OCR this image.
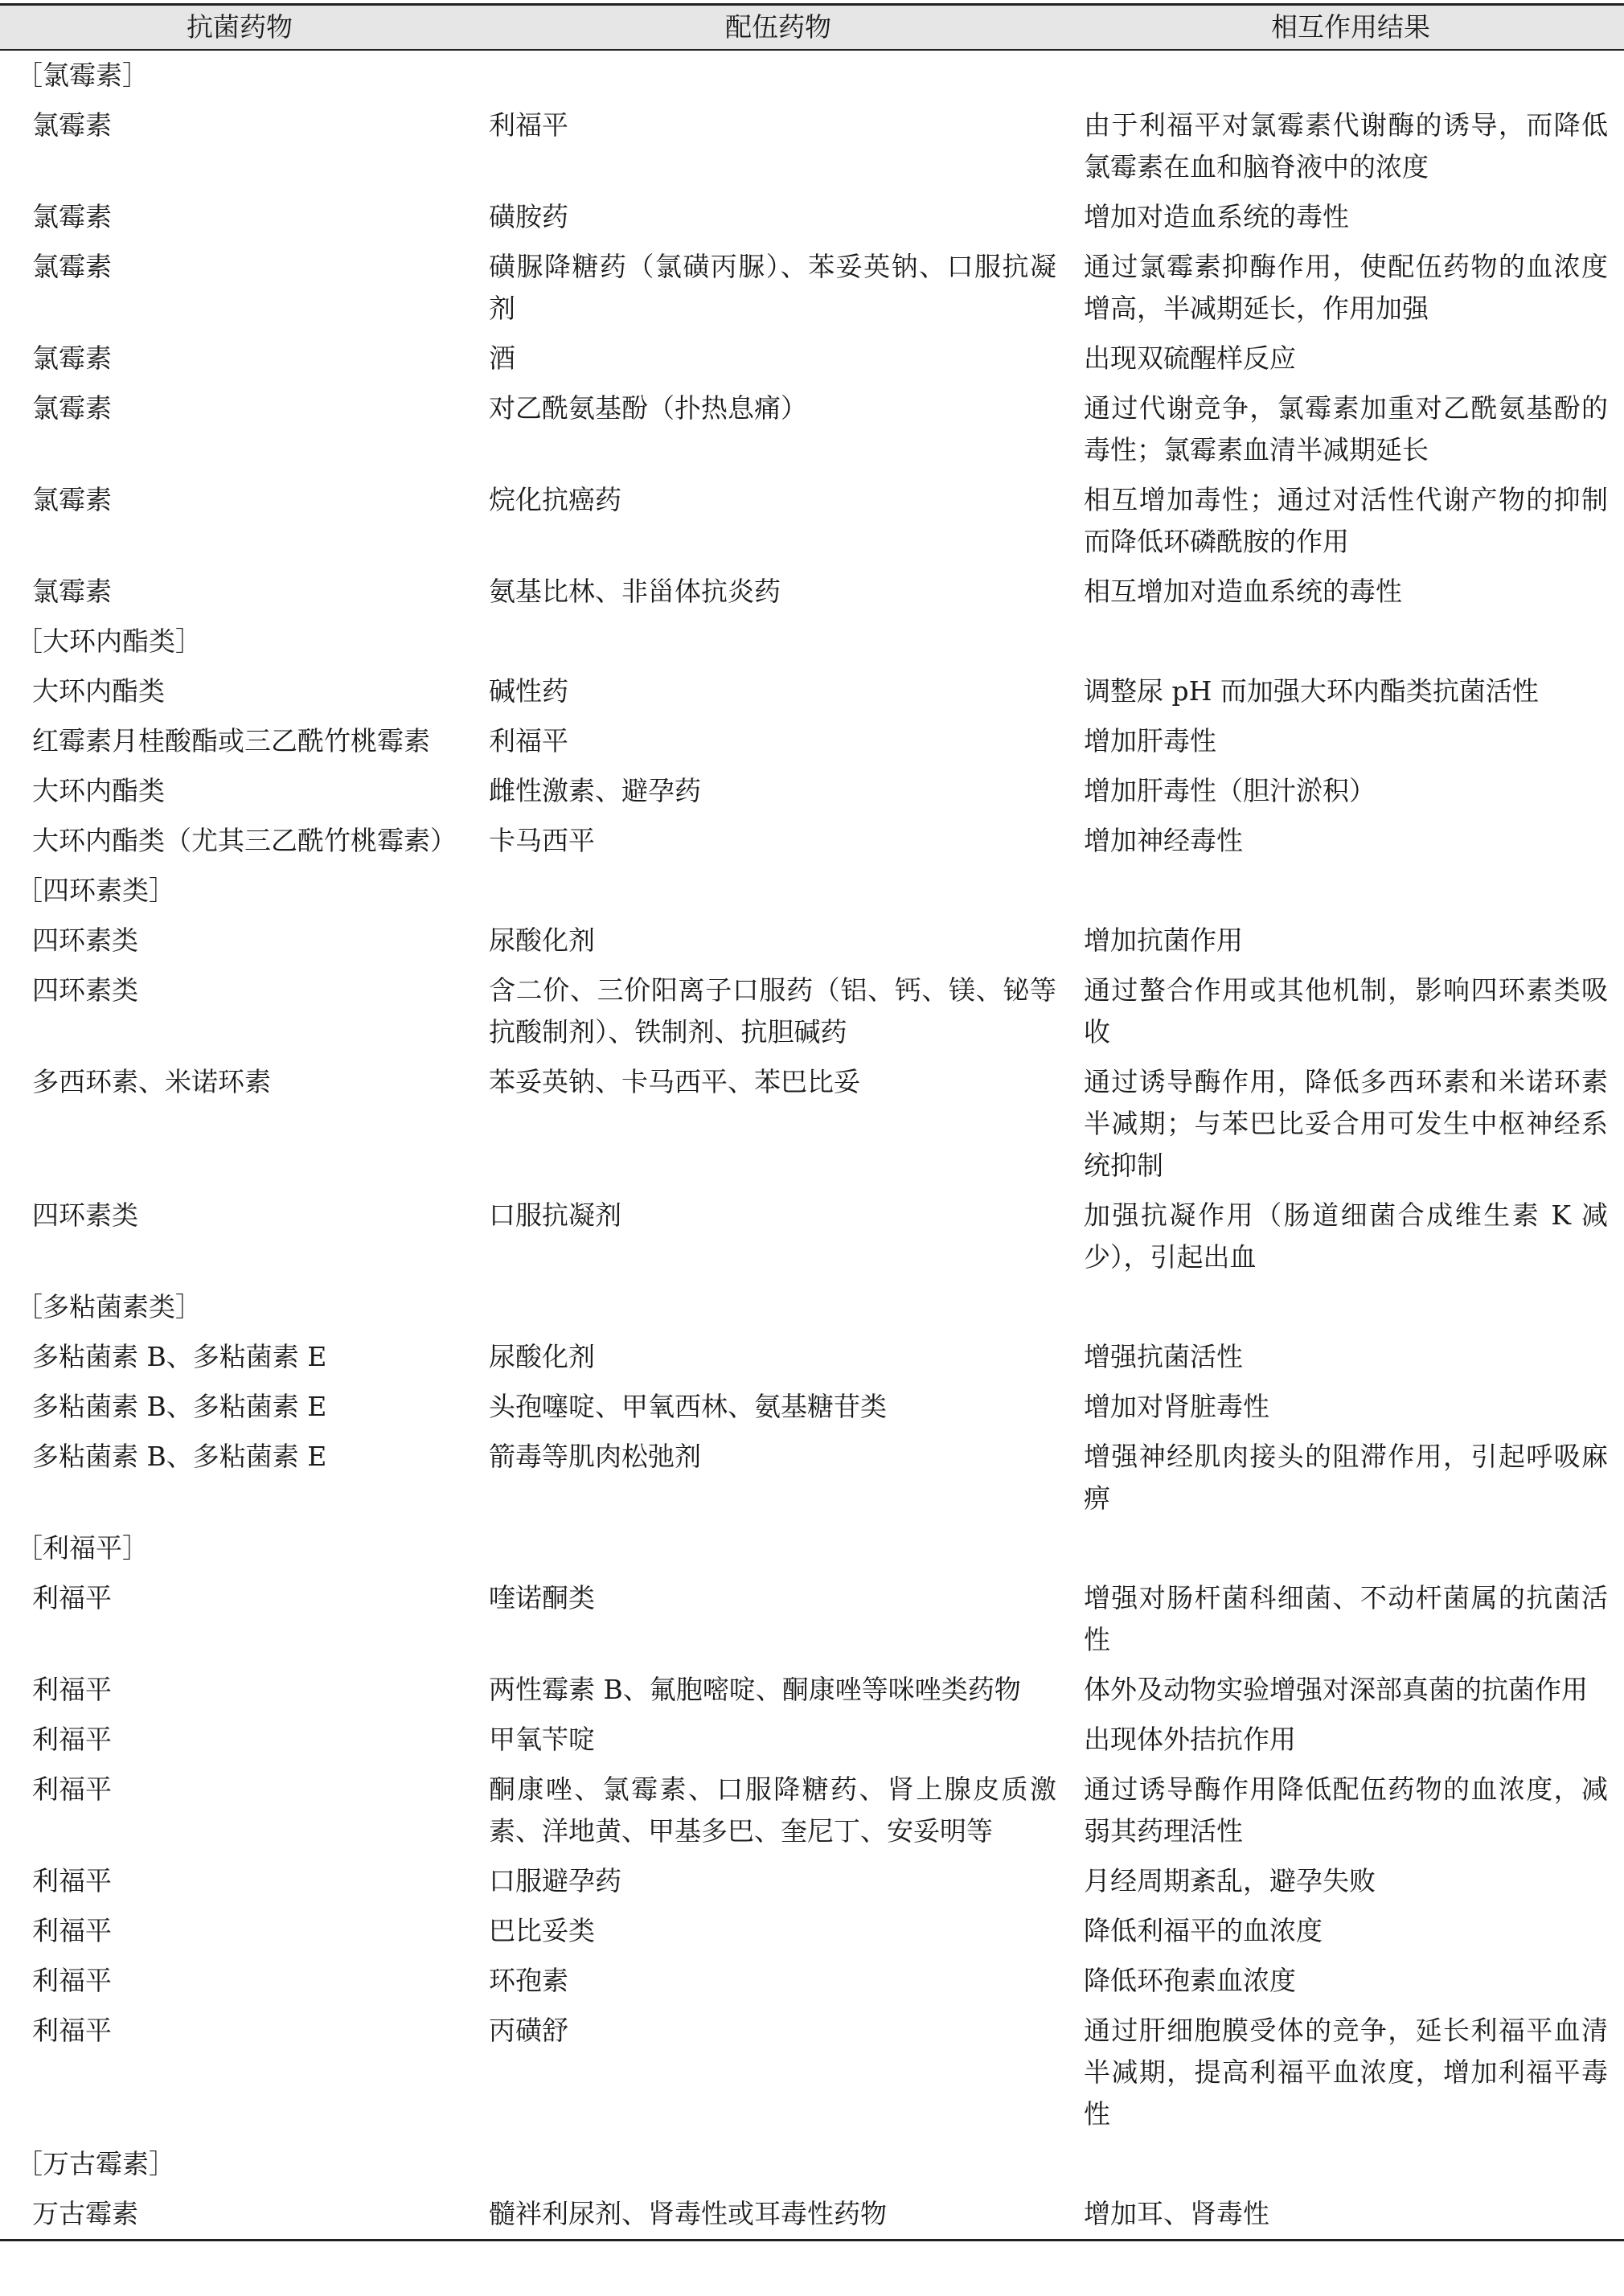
抗菌药物	配伍药物	相互作用结果
［氯霉素］		
氯霉素	利福平	由于利福平对氯霉素代谢酶的诱导，而降低氯霉素在血和脑脊液中的浓度
氯霉素	磺胺药	增加对造血系统的毒性
氯霉素	磺脲降糖药（氯磺丙脲）、苯妥英钠、口服抗凝剂	通过氯霉素抑酶作用，使配伍药物的血浓度增高，半减期延长，作用加强
氯霉素	酒	出现双硫醒样反应
氯霉素	对乙酰氨基酚（扑热息痛）	通过代谢竞争，氯霉素加重对乙酰氨基酚的毒性；氯霉素血清半减期延长
氯霉素	烷化抗癌药	相互增加毒性；通过对活性代谢产物的抑制而降低环磷酰胺的作用
氯霉素	氨基比林、非甾体抗炎药	相互增加对造血系统的毒性
［大环内酯类］		
大环内酯类	碱性药	调整尿 pH 而加强大环内酯类抗菌活性
红霉素月桂酸酯或三乙酰竹桃霉素	利福平	增加肝毒性
大环内酯类	雌性激素、避孕药	增加肝毒性（胆汁淤积）
大环内酯类（尤其三乙酰竹桃霉素）	卡马西平	增加神经毒性
［四环素类］		
四环素类	尿酸化剂	增加抗菌作用
四环素类	含二价、三价阳离子口服药（铝、钙、镁、铋等抗酸制剂）、铁制剂、抗胆碱药	通过螯合作用或其他机制，影响四环素类吸收
多西环素、米诺环素	苯妥英钠、卡马西平、苯巴比妥	通过诱导酶作用，降低多西环素和米诺环素半减期；与苯巴比妥合用可发生中枢神经系统抑制
四环素类	口服抗凝剂	加强抗凝作用（肠道细菌合成维生素 K 减少），引起出血
［多粘菌素类］		
多粘菌素 B、多粘菌素 E	尿酸化剂	增强抗菌活性
多粘菌素 B、多粘菌素 E	头孢噻啶、甲氧西林、氨基糖苷类	增加对肾脏毒性
多粘菌素 B、多粘菌素 E	箭毒等肌肉松弛剂	增强神经肌肉接头的阻滞作用，引起呼吸麻痹
［利福平］		
利福平	喹诺酮类	增强对肠杆菌科细菌、不动杆菌属的抗菌活性
利福平	两性霉素 B、氟胞嘧啶、酮康唑等咪唑类药物	体外及动物实验增强对深部真菌的抗菌作用
利福平	甲氧苄啶	出现体外拮抗作用
利福平	酮康唑、氯霉素、口服降糖药、肾上腺皮质激素、洋地黄、甲基多巴、奎尼丁、安妥明等	通过诱导酶作用降低配伍药物的血浓度，减弱其药理活性
利福平	口服避孕药	月经周期紊乱，避孕失败
利福平	巴比妥类	降低利福平的血浓度
利福平	环孢素	降低环孢素血浓度
利福平	丙磺舒	通过肝细胞膜受体的竞争，延长利福平血清半减期，提高利福平血浓度，增加利福平毒性
［万古霉素］		
万古霉素	髓袢利尿剂、肾毒性或耳毒性药物	增加耳、肾毒性
